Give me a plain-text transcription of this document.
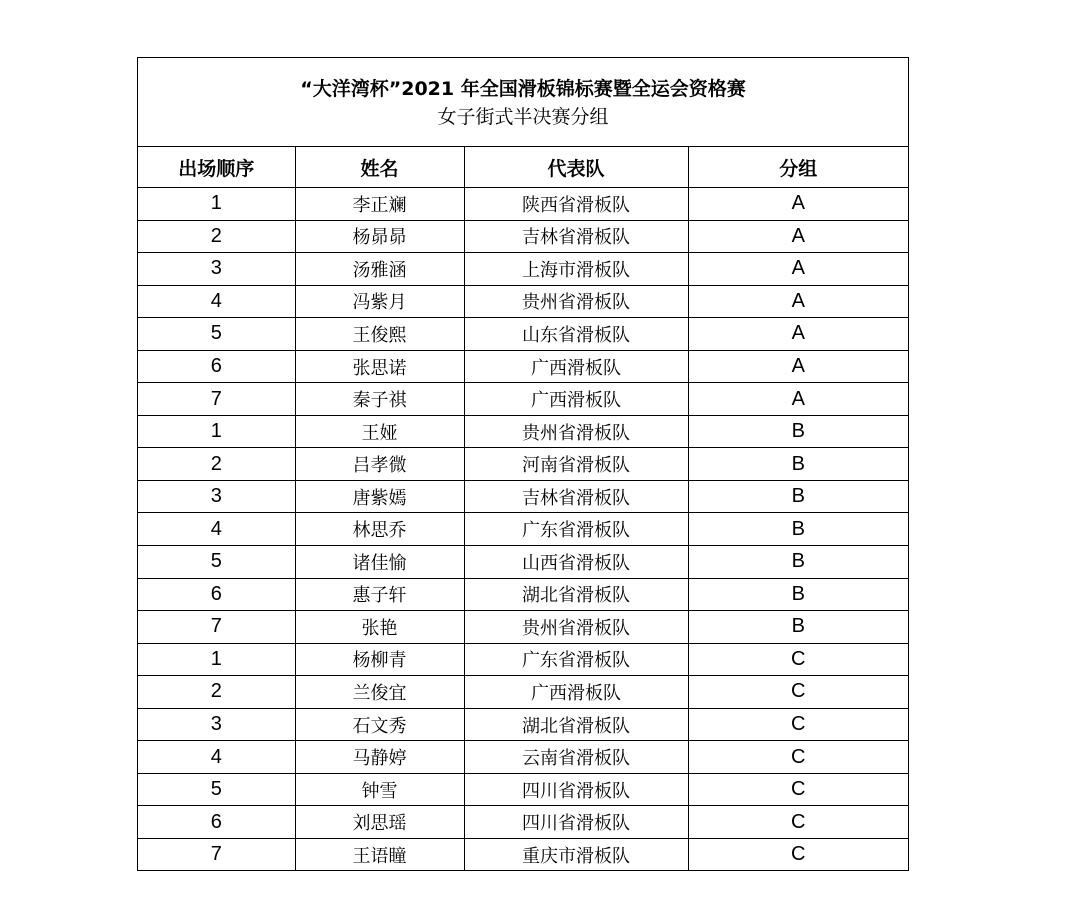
“大洋湾杯”2021 年全国滑板锦标赛暨全运会资格赛
女子街式半决赛分组
出场顺序	姓名	代表队	分组
1	李正斓	陕西省滑板队	A
2	杨昴昴	吉林省滑板队	A
3	汤雅涵	上海市滑板队	A
4	冯紫月	贵州省滑板队	A
5	王俊熙	山东省滑板队	A
6	张思诺	广西滑板队	A
7	秦子祺	广西滑板队	A
1	王娅	贵州省滑板队	B
2	吕孝微	河南省滑板队	B
3	唐紫嫣	吉林省滑板队	B
4	林思乔	广东省滑板队	B
5	诸佳愉	山西省滑板队	B
6	惠子轩	湖北省滑板队	B
7	张艳	贵州省滑板队	B
1	杨柳青	广东省滑板队	C
2	兰俊宜	广西滑板队	C
3	石文秀	湖北省滑板队	C
4	马静婷	云南省滑板队	C
5	钟雪	四川省滑板队	C
6	刘思瑶	四川省滑板队	C
7	王语瞳	重庆市滑板队	C
